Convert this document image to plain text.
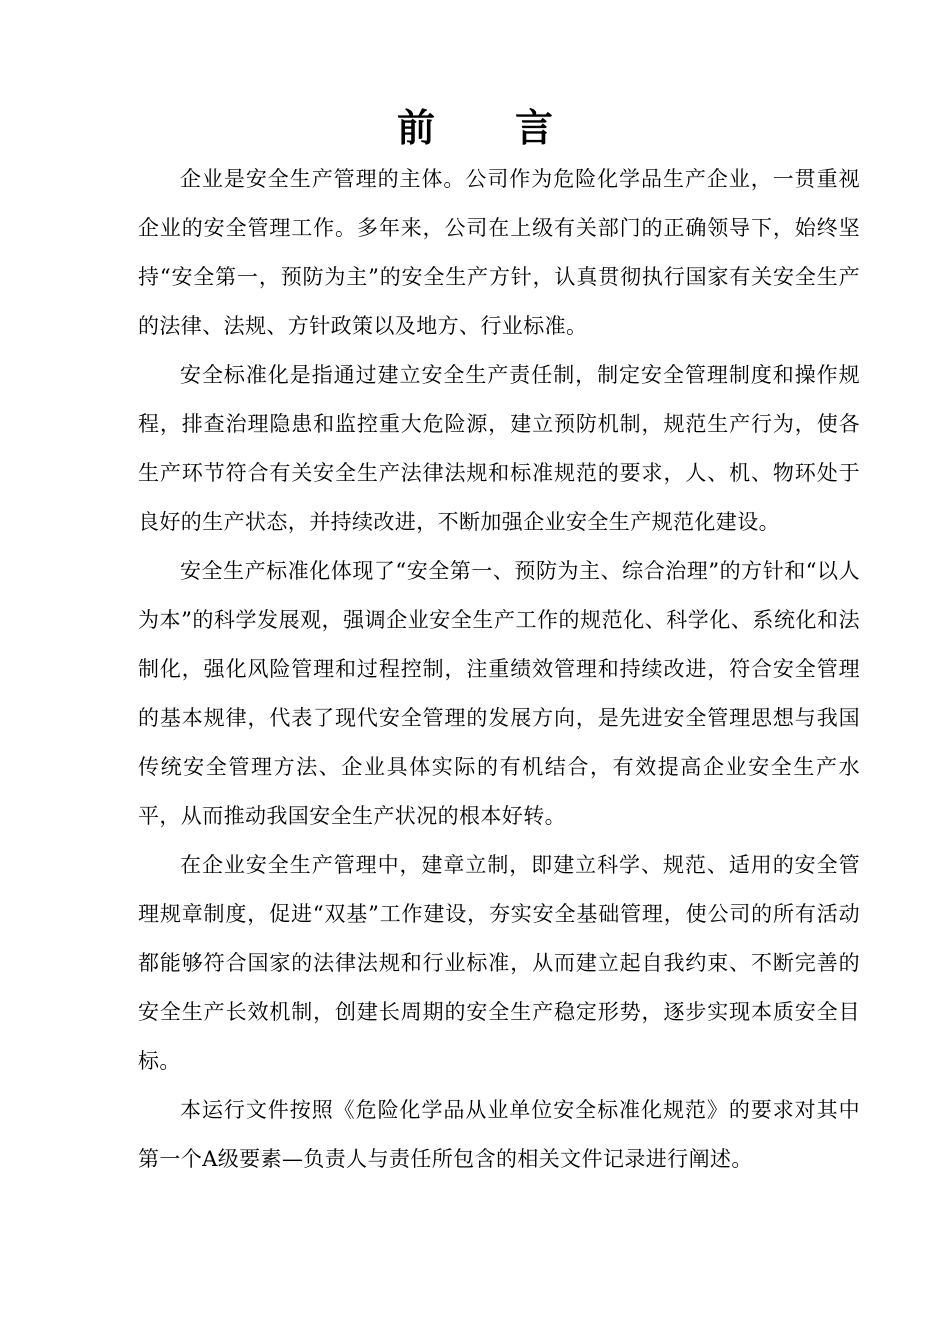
前言

企业是安全生产管理的主体。公司作为危险化学品生产企业，一贯重视企业的安全管理工作。多年来，公司在上级有关部门的正确领导下，始终坚持“安全第一，预防为主”的安全生产方针，认真贯彻执行国家有关安全生产的法律、法规、方针政策以及地方、行业标准。

安全标准化是指通过建立安全生产责任制，制定安全管理制度和操作规程，排查治理隐患和监控重大危险源，建立预防机制，规范生产行为，使各生产环节符合有关安全生产法律法规和标准规范的要求，人、机、物环处于良好的生产状态，并持续改进，不断加强企业安全生产规范化建设。

安全生产标准化体现了“安全第一、预防为主、综合治理”的方针和“以人为本”的科学发展观，强调企业安全生产工作的规范化、科学化、系统化和法制化，强化风险管理和过程控制，注重绩效管理和持续改进，符合安全管理的基本规律，代表了现代安全管理的发展方向，是先进安全管理思想与我国传统安全管理方法、企业具体实际的有机结合，有效提高企业安全生产水平，从而推动我国安全生产状况的根本好转。

在企业安全生产管理中，建章立制，即建立科学、规范、适用的安全管理规章制度，促进“双基”工作建设，夯实安全基础管理，使公司的所有活动都能够符合国家的法律法规和行业标准，从而建立起自我约束、不断完善的安全生产长效机制，创建长周期的安全生产稳定形势，逐步实现本质安全目标。

本运行文件按照《危险化学品从业单位安全标准化规范》的要求对其中第一个A级要素—负责人与责任所包含的相关文件记录进行阐述。
